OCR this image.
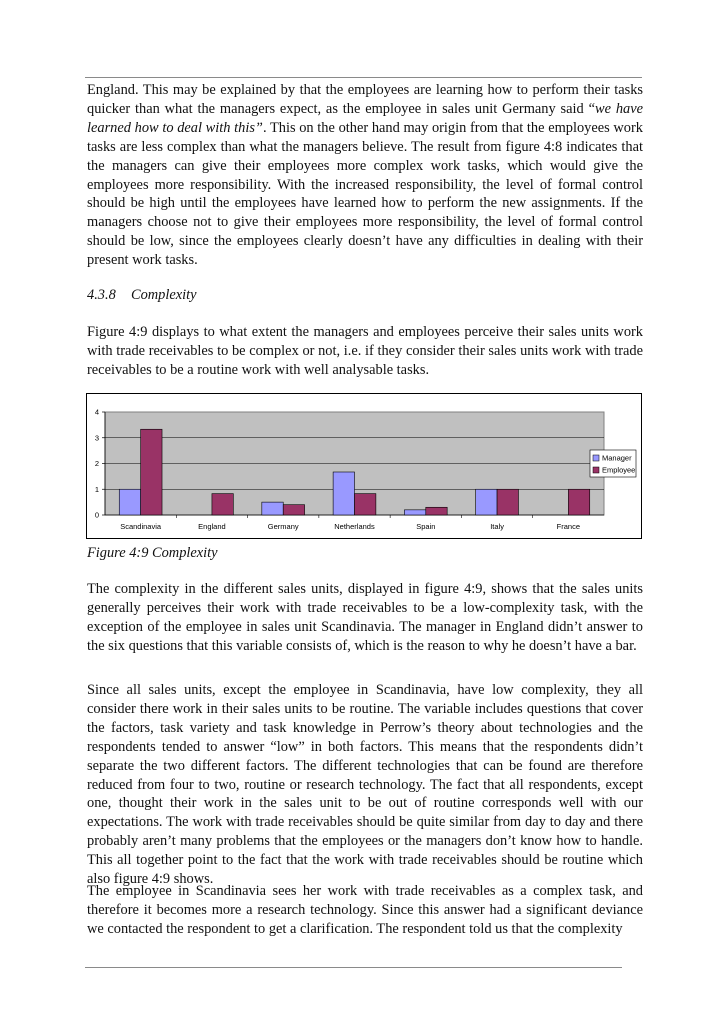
England. This may be explained by that the employees are learning how to perform their tasks quicker than what the managers expect, as the employee in sales unit Germany said “we have learned how to deal with this”. This on the other hand may origin from that the employees work tasks are less complex than what the managers believe. The result from figure 4:8 indicates that the managers can give their employees more complex work tasks, which would give the employees more responsibility. With the increased responsibility, the level of formal control should be high until the employees have learned how to perform the new assignments. If the managers choose not to give their employees more responsibility, the level of formal control should be low, since the employees clearly doesn’t have any difficulties in dealing with their present work tasks.

4.3.8 Complexity

Figure 4:9 displays to what extent the managers and employees perceive their sales units work with trade receivables to be complex or not, i.e. if they consider their sales units work with trade receivables to be a routine work with well analysable tasks.

0
1
2
3
4
Scandinavia	England	Germany	Netherlands	Spain	Italy	France
Manager
Employee

Figure 4:9 Complexity

The complexity in the different sales units, displayed in figure 4:9, shows that the sales units generally perceives their work with trade receivables to be a low-complexity task, with the exception of the employee in sales unit Scandinavia. The manager in England didn’t answer to the six questions that this variable consists of, which is the reason to why he doesn’t have a bar.

Since all sales units, except the employee in Scandinavia, have low complexity, they all consider there work in their sales units to be routine. The variable includes questions that cover the factors, task variety and task knowledge in Perrow’s theory about technologies and the respondents tended to answer “low” in both factors. This means that the respondents didn’t separate the two different factors. The different technologies that can be found are therefore reduced from four to two, routine or research technology. The fact that all respondents, except one, thought their work in the sales unit to be out of routine corresponds well with our expectations. The work with trade receivables should be quite similar from day to day and there probably aren’t many problems that the employees or the managers don’t know how to handle. This all together point to the fact that the work with trade receivables should be routine which also figure 4:9 shows.

The employee in Scandinavia sees her work with trade receivables as a complex task, and therefore it becomes more a research technology. Since this answer had a significant deviance we contacted the respondent to get a clarification. The respondent told us that the complexity
